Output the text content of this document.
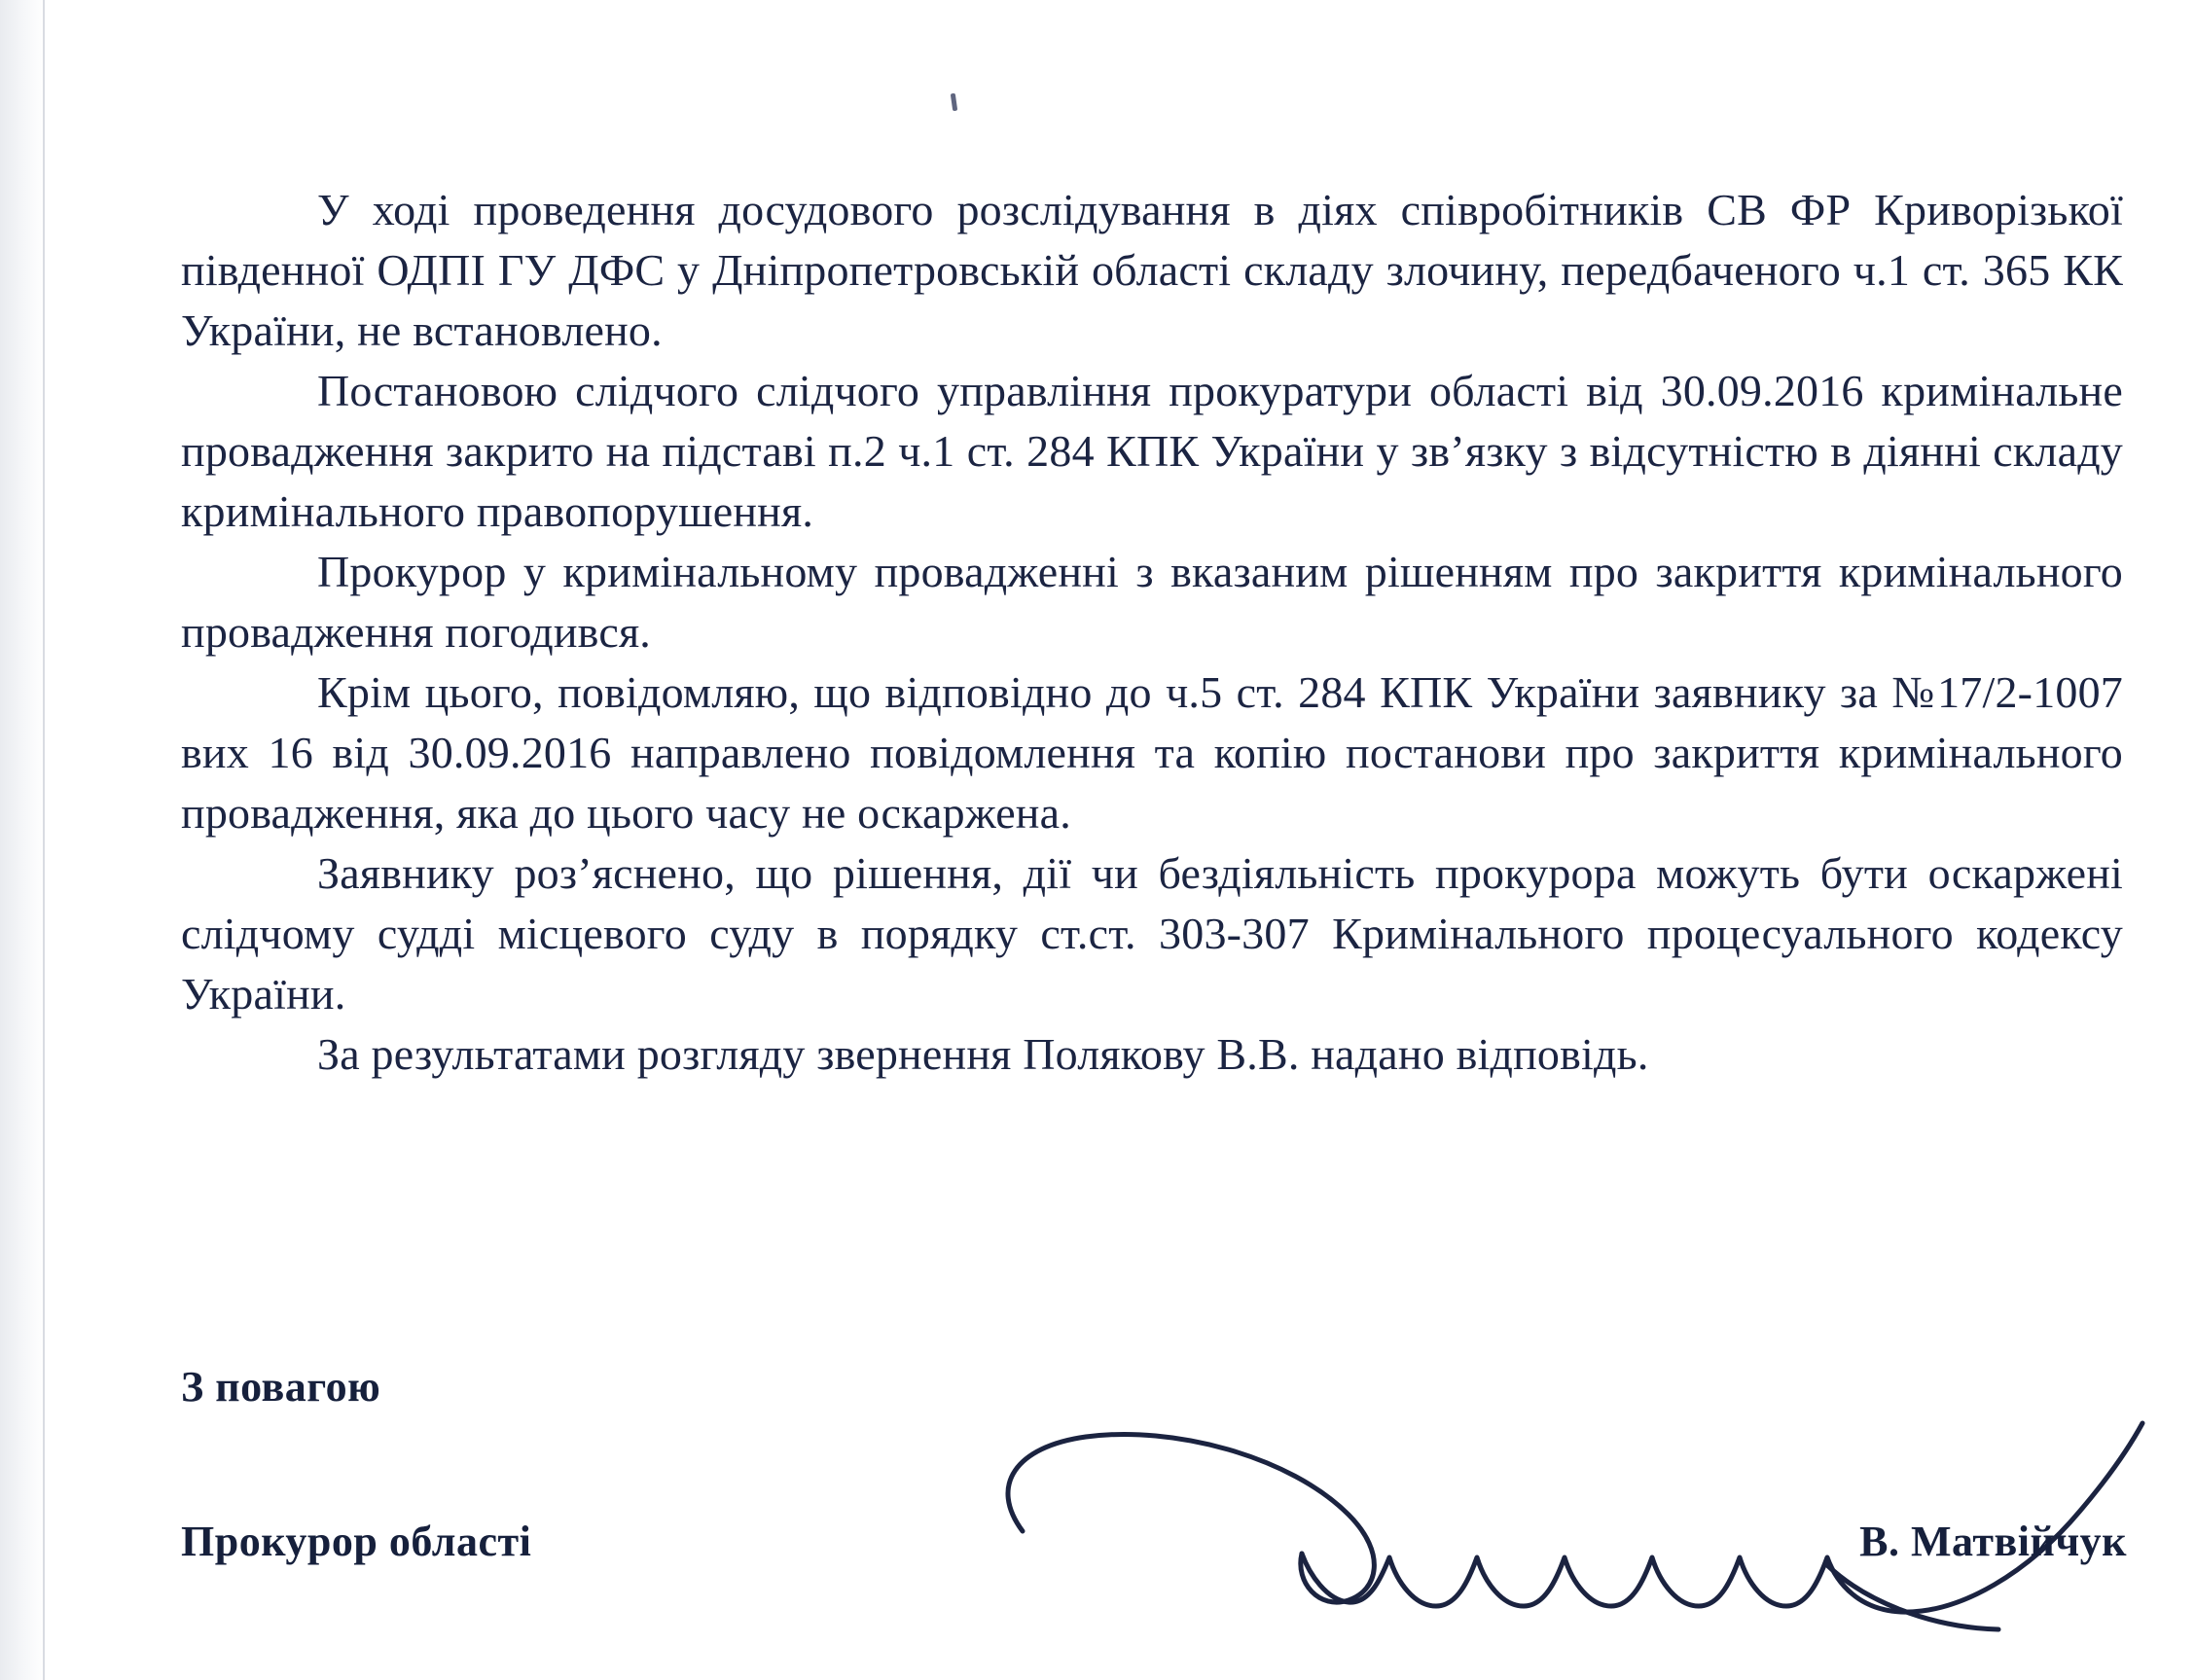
У ході проведення досудового розслідування в діях співробітників СВ ФР Криворізької південної ОДПІ ГУ ДФС у Дніпропетровській області складу злочину, передбаченого ч.1 ст. 365 КК України, не встановлено.

Постановою слідчого слідчого управління прокуратури області від 30.09.2016 кримінальне провадження закрито на підставі п.2 ч.1 ст. 284 КПК України у зв’язку з відсутністю в діянні складу кримінального правопорушення.

Прокурор у кримінальному провадженні з вказаним рішенням про закриття кримінального провадження погодився.

Крім цього, повідомляю, що відповідно до ч.5 ст. 284 КПК України заявнику за №17/2-1007 вих 16 від 30.09.2016 направлено повідомлення та копію постанови про закриття кримінального провадження, яка до цього часу не оскаржена.

Заявнику роз’яснено, що рішення, дії чи бездіяльність прокурора можуть бути оскаржені слідчому судді місцевого суду в порядку ст.ст. 303-307 Кримінального процесуального кодексу України.

За результатами розгляду звернення Полякову В.В. надано відповідь.

З повагою
Прокурор області	В. Матвійчук
